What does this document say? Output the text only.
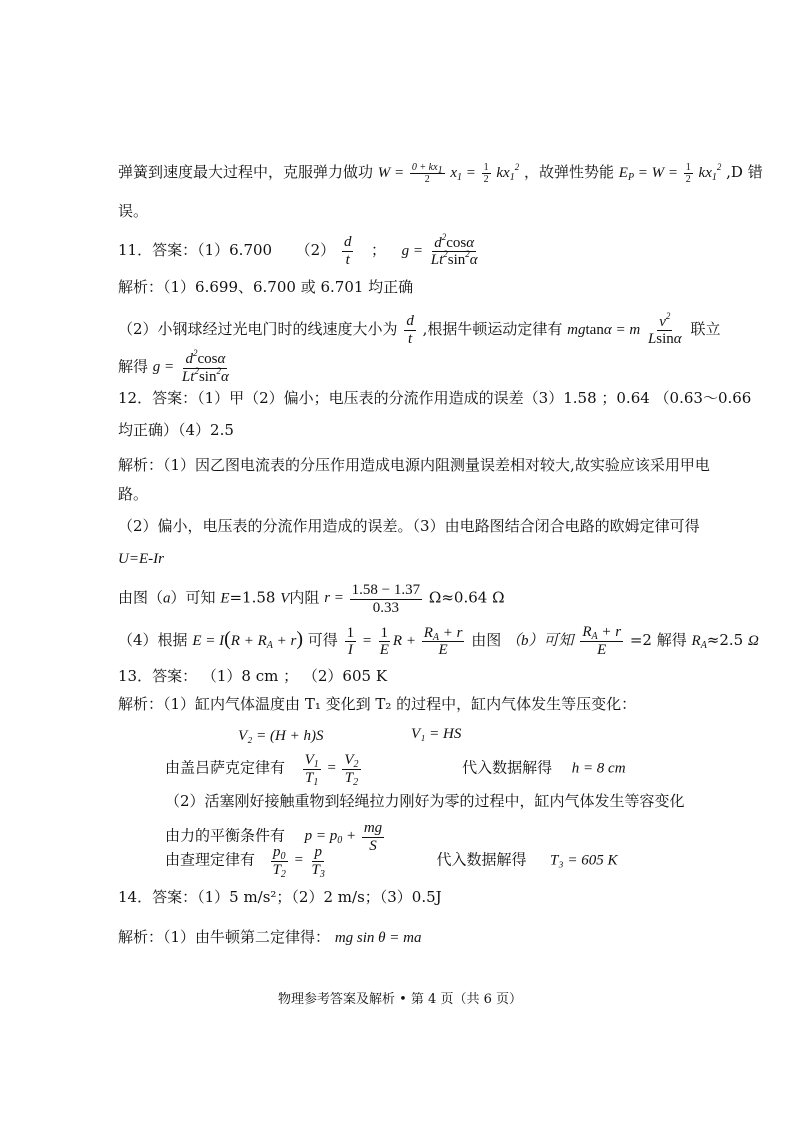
弹簧到速度最大过程中，克服弹力做功 $W = \frac{0 + kx_1}{2} x_1 = \frac{1}{2} kx_1^2$ ，故弹性势能 $E_P = W = \frac{1}{2} kx_1^2$ ,D 错
误。
11．答案：（1）6.700 $(2) \frac{d}{t}$ ； $g = \frac{d^2\cos\alpha}{Lt^2\sin^2\alpha}$
解析：（1）6.699、6.700 或 6.701 均正确
（2）小钢球经过光电门时的线速度大小为 $\frac{d}{t}$ ,根据牛顿运动定律有 mgtanα = m $\frac{v^2}{Lsin\alpha}$ 联立
解得 $g = \frac{d^2\cos\alpha}{Lt^2\sin^2\alpha}$
12．答案：（1）甲（2）偏小；电压表的分流作用造成的误差（3）1.58 ；0.64 （0.63～0.66
均正确）（4）2.5
解析：（1）因乙图电流表的分压作用造成电源内阻测量误差相对较大,故实验应该采用甲电
路。
（2）偏小，电压表的分流作用造成的误差。（3）由电路图结合闭合电路的欧姆定律可得
U=E-Ir
由图（a）可知 E=1.58 V内阻 $r = \frac{1.58 - 1.37}{0.33} \Omega\approx 0.64$ Ω
（4）根据 $E = I(R + R_A + r)$ 可得 $\frac{1}{I} = \frac{1}{E}$ $R + \frac{R_A + r}{E}$ 由图 （b）可知 $\frac{R_A + r}{E} =2$ 解得 $R_A\approx 2.5$ Ω
13．答案： （1）8 cm ； （2）605 K
解析：（1）缸内气体温度由 T₁ 变化到 T₂ 的过程中，缸内气体发生等压变化：
V₂ = (H + h)S	V₁ = HS
由盖吕萨克定律有 $\frac{V_1}{T_1} = \frac{V_2}{T_2}$	代入数据解得 h = 8 cm
（2）活塞刚好接触重物到轻绳拉力刚好为零的过程中，缸内气体发生等容变化
由力的平衡条件有 $p = p_0 + \frac{mg}{S}$
由查理定律有 $\frac{p_0}{T_2} = \frac{p}{T_3}$	代入数据解得 T₃ = 605 K
14．答案：（1）5 m/s²；（2）2 m/s；（3）0.5J
解析：（1）由牛顿第二定律得： mg sin θ = ma
物理参考答案及解析 • 第 4 页（共 6 页）
